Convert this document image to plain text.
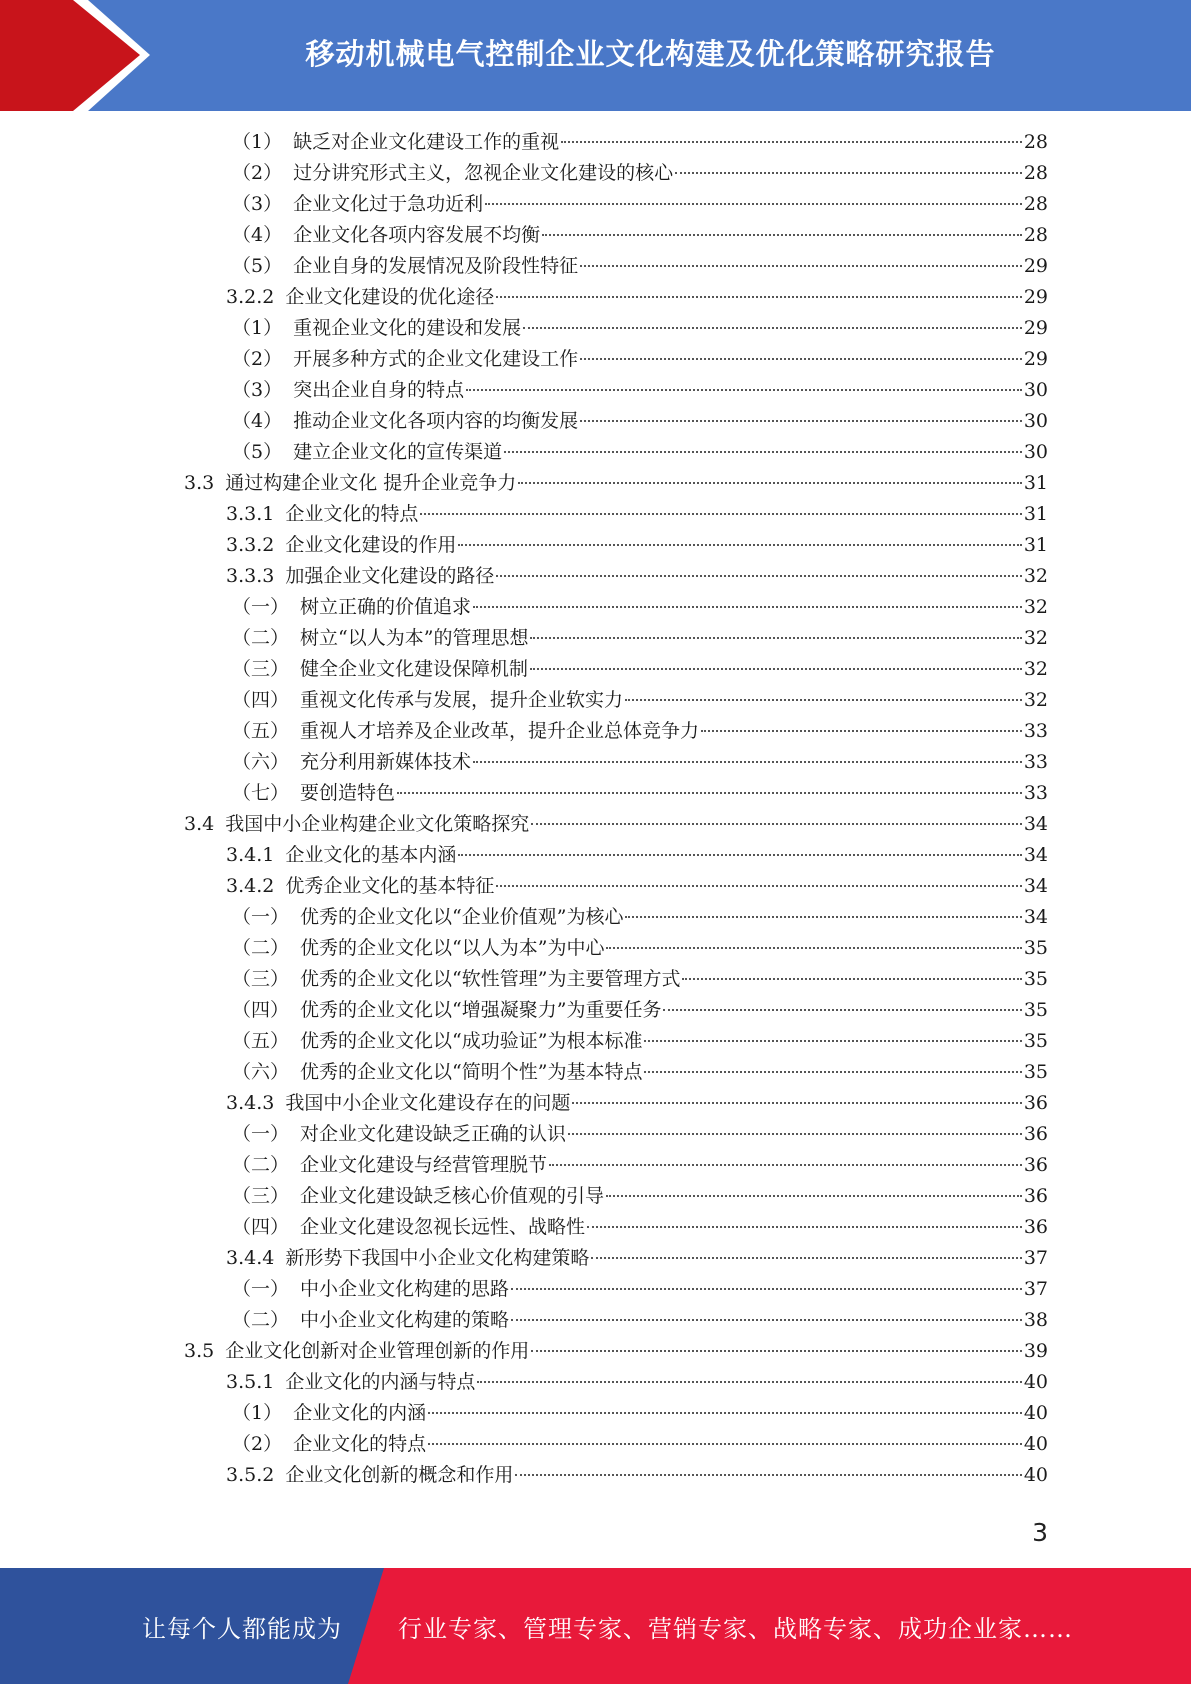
移动机械电气控制企业文化构建及优化策略研究报告
（1） 缺乏对企业文化建设工作的重视	28
（2） 过分讲究形式主义，忽视企业文化建设的核心	28
（3） 企业文化过于急功近利	28
（4） 企业文化各项内容发展不均衡	28
（5） 企业自身的发展情况及阶段性特征	29
3.2.2 企业文化建设的优化途径	29
（1） 重视企业文化的建设和发展	29
（2） 开展多种方式的企业文化建设工作	29
（3） 突出企业自身的特点	30
（4） 推动企业文化各项内容的均衡发展	30
（5） 建立企业文化的宣传渠道	30
3.3 通过构建企业文化 提升企业竞争力	31
3.3.1 企业文化的特点	31
3.3.2 企业文化建设的作用	31
3.3.3 加强企业文化建设的路径	32
（一） 树立正确的价值追求	32
（二） 树立“以人为本”的管理思想	32
（三） 健全企业文化建设保障机制	32
（四） 重视文化传承与发展，提升企业软实力	32
（五） 重视人才培养及企业改革，提升企业总体竞争力	33
（六） 充分利用新媒体技术	33
（七） 要创造特色	33
3.4 我国中小企业构建企业文化策略探究	34
3.4.1 企业文化的基本内涵	34
3.4.2 优秀企业文化的基本特征	34
（一） 优秀的企业文化以“企业价值观”为核心	34
（二） 优秀的企业文化以“以人为本”为中心	35
（三） 优秀的企业文化以“软性管理”为主要管理方式	35
（四） 优秀的企业文化以“增强凝聚力”为重要任务	35
（五） 优秀的企业文化以“成功验证”为根本标准	35
（六） 优秀的企业文化以“简明个性”为基本特点	35
3.4.3 我国中小企业文化建设存在的问题	36
（一） 对企业文化建设缺乏正确的认识	36
（二） 企业文化建设与经营管理脱节	36
（三） 企业文化建设缺乏核心价值观的引导	36
（四） 企业文化建设忽视长远性、战略性	36
3.4.4 新形势下我国中小企业文化构建策略	37
（一） 中小企业文化构建的思路	37
（二） 中小企业文化构建的策略	38
3.5 企业文化创新对企业管理创新的作用	39
3.5.1 企业文化的内涵与特点	40
（1） 企业文化的内涵	40
（2） 企业文化的特点	40
3.5.2 企业文化创新的概念和作用	40
3
让每个人都能成为 行业专家、管理专家、营销专家、战略专家、成功企业家……
